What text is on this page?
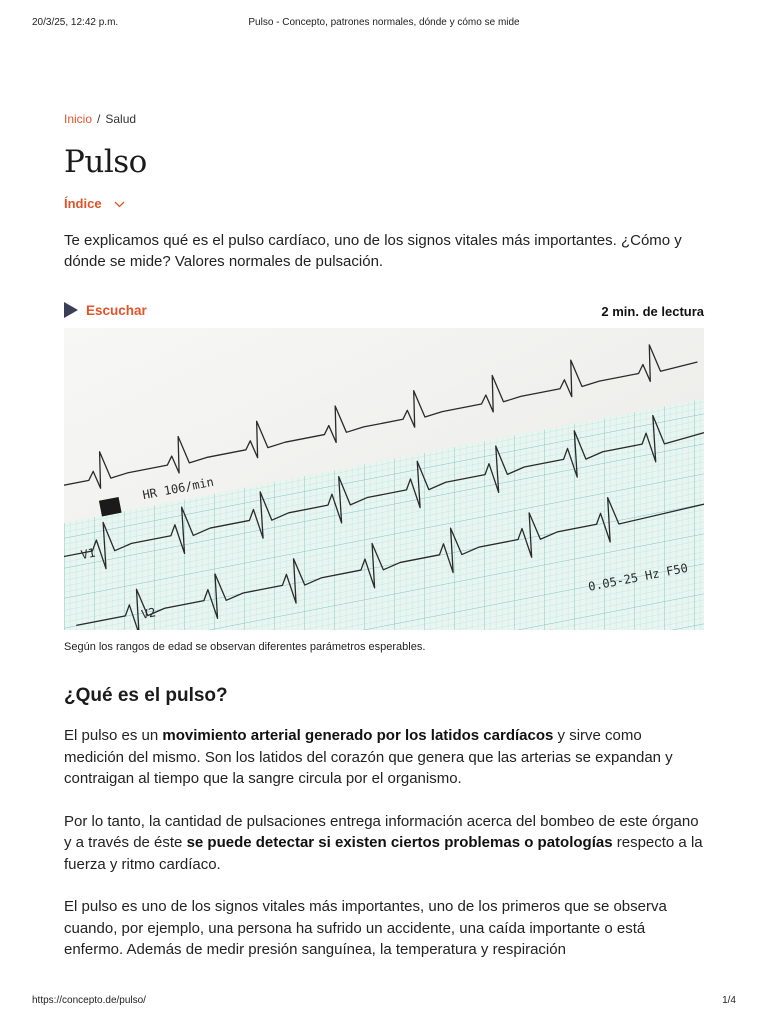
20/3/25, 12:42 p.m.	Pulso - Concepto, patrones normales, dónde y cómo se mide
Inicio / Salud
Pulso
Índice

Te explicamos qué es el pulso cardíaco, uno de los signos vitales más importantes. ¿Cómo y dónde se mide? Valores normales de pulsación.

Escuchar	2 min. de lectura
HR 106/min
V1
V2
0.05-25 Hz F50
Según los rangos de edad se observan diferentes parámetros esperables.
¿Qué es el pulso?

El pulso es un movimiento arterial generado por los latidos cardíacos y sirve como medición del mismo. Son los latidos del corazón que genera que las arterias se expandan y contraigan al tiempo que la sangre circula por el organismo.

Por lo tanto, la cantidad de pulsaciones entrega información acerca del bombeo de este órgano y a través de éste se puede detectar si existen ciertos problemas o patologías respecto a la fuerza y ritmo cardíaco.

El pulso es uno de los signos vitales más importantes, uno de los primeros que se observa cuando, por ejemplo, una persona ha sufrido un accidente, una caída importante o está enfermo. Además de medir presión sanguínea, la temperatura y respiración

https://concepto.de/pulso/	1/4
